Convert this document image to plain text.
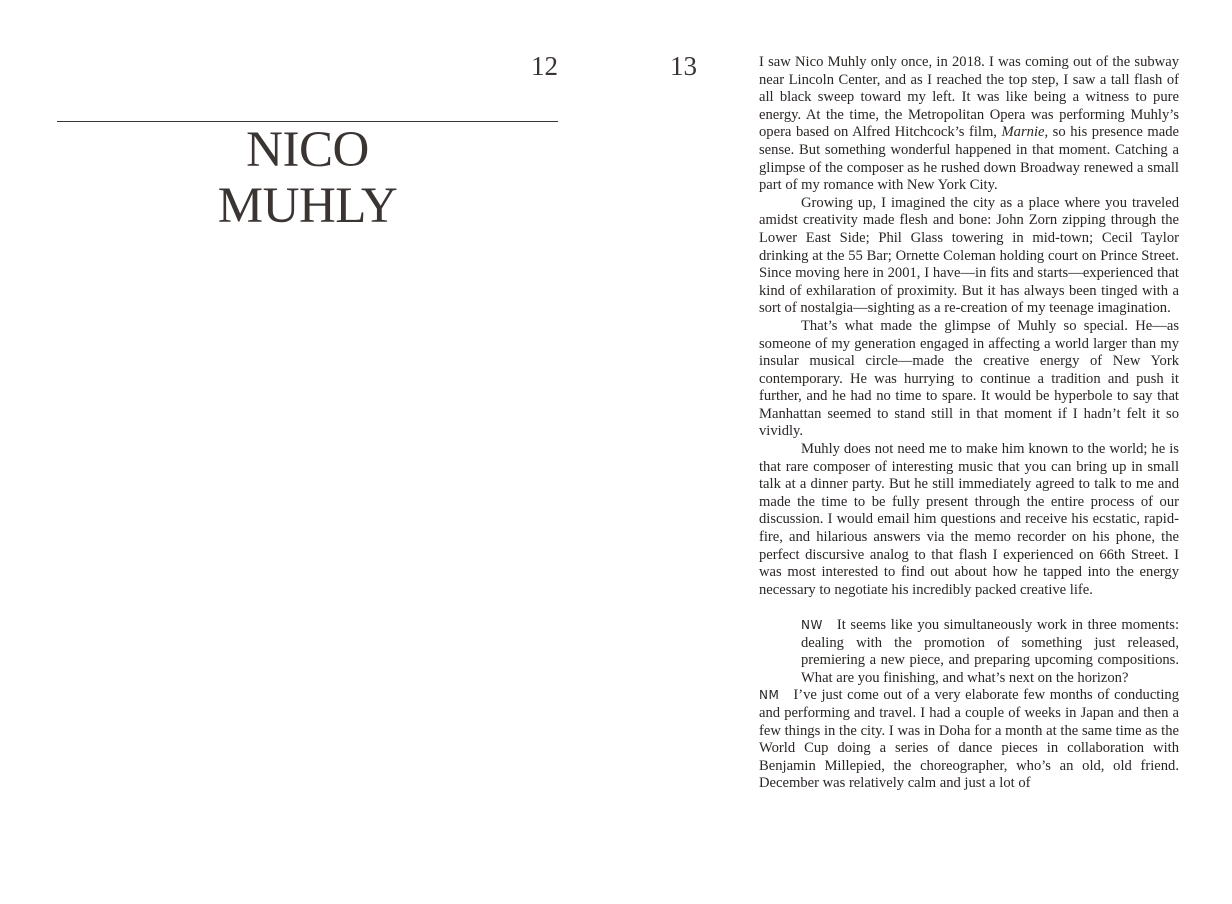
12	13
NICO
MUHLY

I saw Nico Muhly only once, in 2018. I was coming out of the subway near Lincoln Center, and as I reached the top step, I saw a tall flash of all black sweep toward my left. It was like being a witness to pure energy. At the time, the Metropolitan Opera was performing Muhly’s opera based on Alfred Hitchcock’s film, Marnie, so his presence made sense. But something wonderful happened in that moment. Catching a glimpse of the composer as he rushed down Broadway renewed a small part of my romance with New York City.

Growing up, I imagined the city as a place where you traveled amidst creativity made flesh and bone: John Zorn zipping through the Lower East Side; Phil Glass towering in mid-town; Cecil Taylor drinking at the 55 Bar; Ornette Coleman holding court on Prince Street. Since moving here in 2001, I have—in fits and starts—experienced that kind of exhilaration of proximity. But it has always been tinged with a sort of nostalgia—sighting as a re-creation of my teenage imagination.

That’s what made the glimpse of Muhly so special. He—as someone of my generation engaged in affecting a world larger than my insular musical circle—made the creative energy of New York contemporary. He was hurrying to continue a tradition and push it further, and he had no time to spare. It would be hyperbole to say that Manhattan seemed to stand still in that moment if I hadn’t felt it so vividly.

Muhly does not need me to make him known to the world; he is that rare composer of interesting music that you can bring up in small talk at a dinner party. But he still immediately agreed to talk to me and made the time to be fully present through the entire process of our discussion. I would email him questions and receive his ecstatic, rapid-fire, and hilarious answers via the memo recorder on his phone, the perfect discursive analog to that flash I experienced on 66th Street. I was most interested to find out about how he tapped into the energy necessary to negotiate his incredibly packed creative life.

NW It seems like you simultaneously work in three moments: dealing with the promotion of something just released, premiering a new piece, and preparing upcoming compositions. What are you finishing, and what’s next on the horizon?

NM I’ve just come out of a very elaborate few months of conducting and performing and travel. I had a couple of weeks in Japan and then a few things in the city. I was in Doha for a month at the same time as the World Cup doing a series of dance pieces in collaboration with Benjamin Millepied, the choreographer, who’s an old, old friend. December was relatively calm and just a lot of
